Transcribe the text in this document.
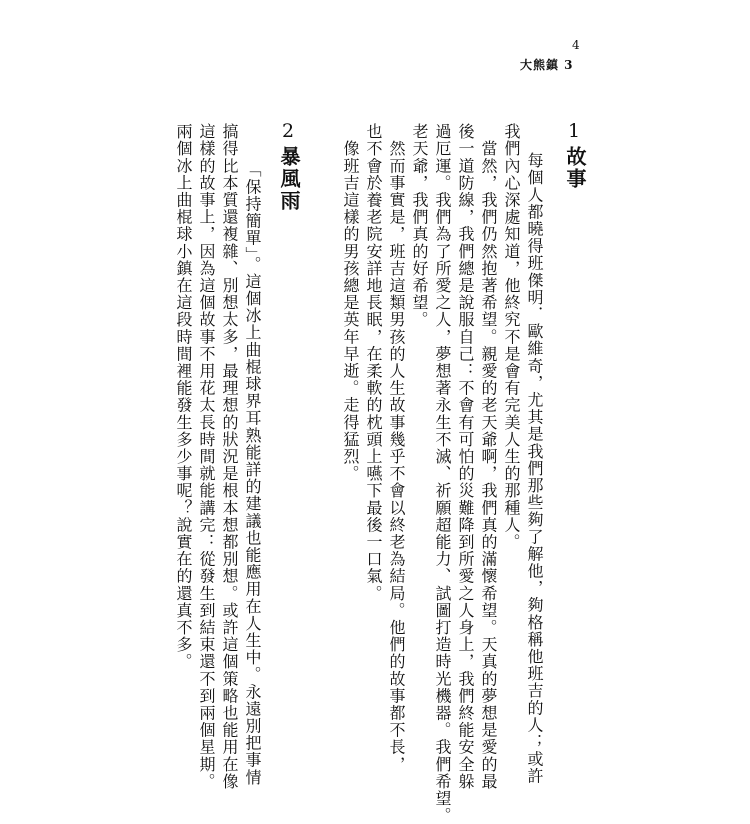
4
大熊鎮 3
1
故事
每個人都曉得班傑明．歐維奇，尤其是我們那些夠了解他，夠格稱他班吉的人；或許
我們內心深處知道，他終究不是會有完美人生的那種人。
　當然，我們仍然抱著希望。親愛的老天爺啊，我們真的滿懷希望。天真的夢想是愛的最
後一道防線，我們總是說服自己：不會有可怕的災難降到所愛之人身上，我們終能安全躲
過厄運。我們為了所愛之人，夢想著永生不滅、祈願超能力、試圖打造時光機器。我們希望。
老天爺，我們真的好希望。
　然而事實是，班吉這類男孩的人生故事幾乎不會以終老為結局。他們的故事都不長，
也不會於養老院安詳地長眠，在柔軟的枕頭上嚥下最後一口氣。
　像班吉這樣的男孩總是英年早逝。走得猛烈。
2
暴風雨
　「保持簡單」。這個冰上曲棍球界耳熟能詳的建議也能應用在人生中。永遠別把事情
搞得比本質還複雜、別想太多，最理想的狀況是根本想都別想。或許這個策略也能用在像
這樣的故事上，因為這個故事不用花太長時間就能講完：從發生到結束還不到兩個星期。
兩個冰上曲棍球小鎮在這段時間裡能發生多少事呢？說實在的還真不多。
